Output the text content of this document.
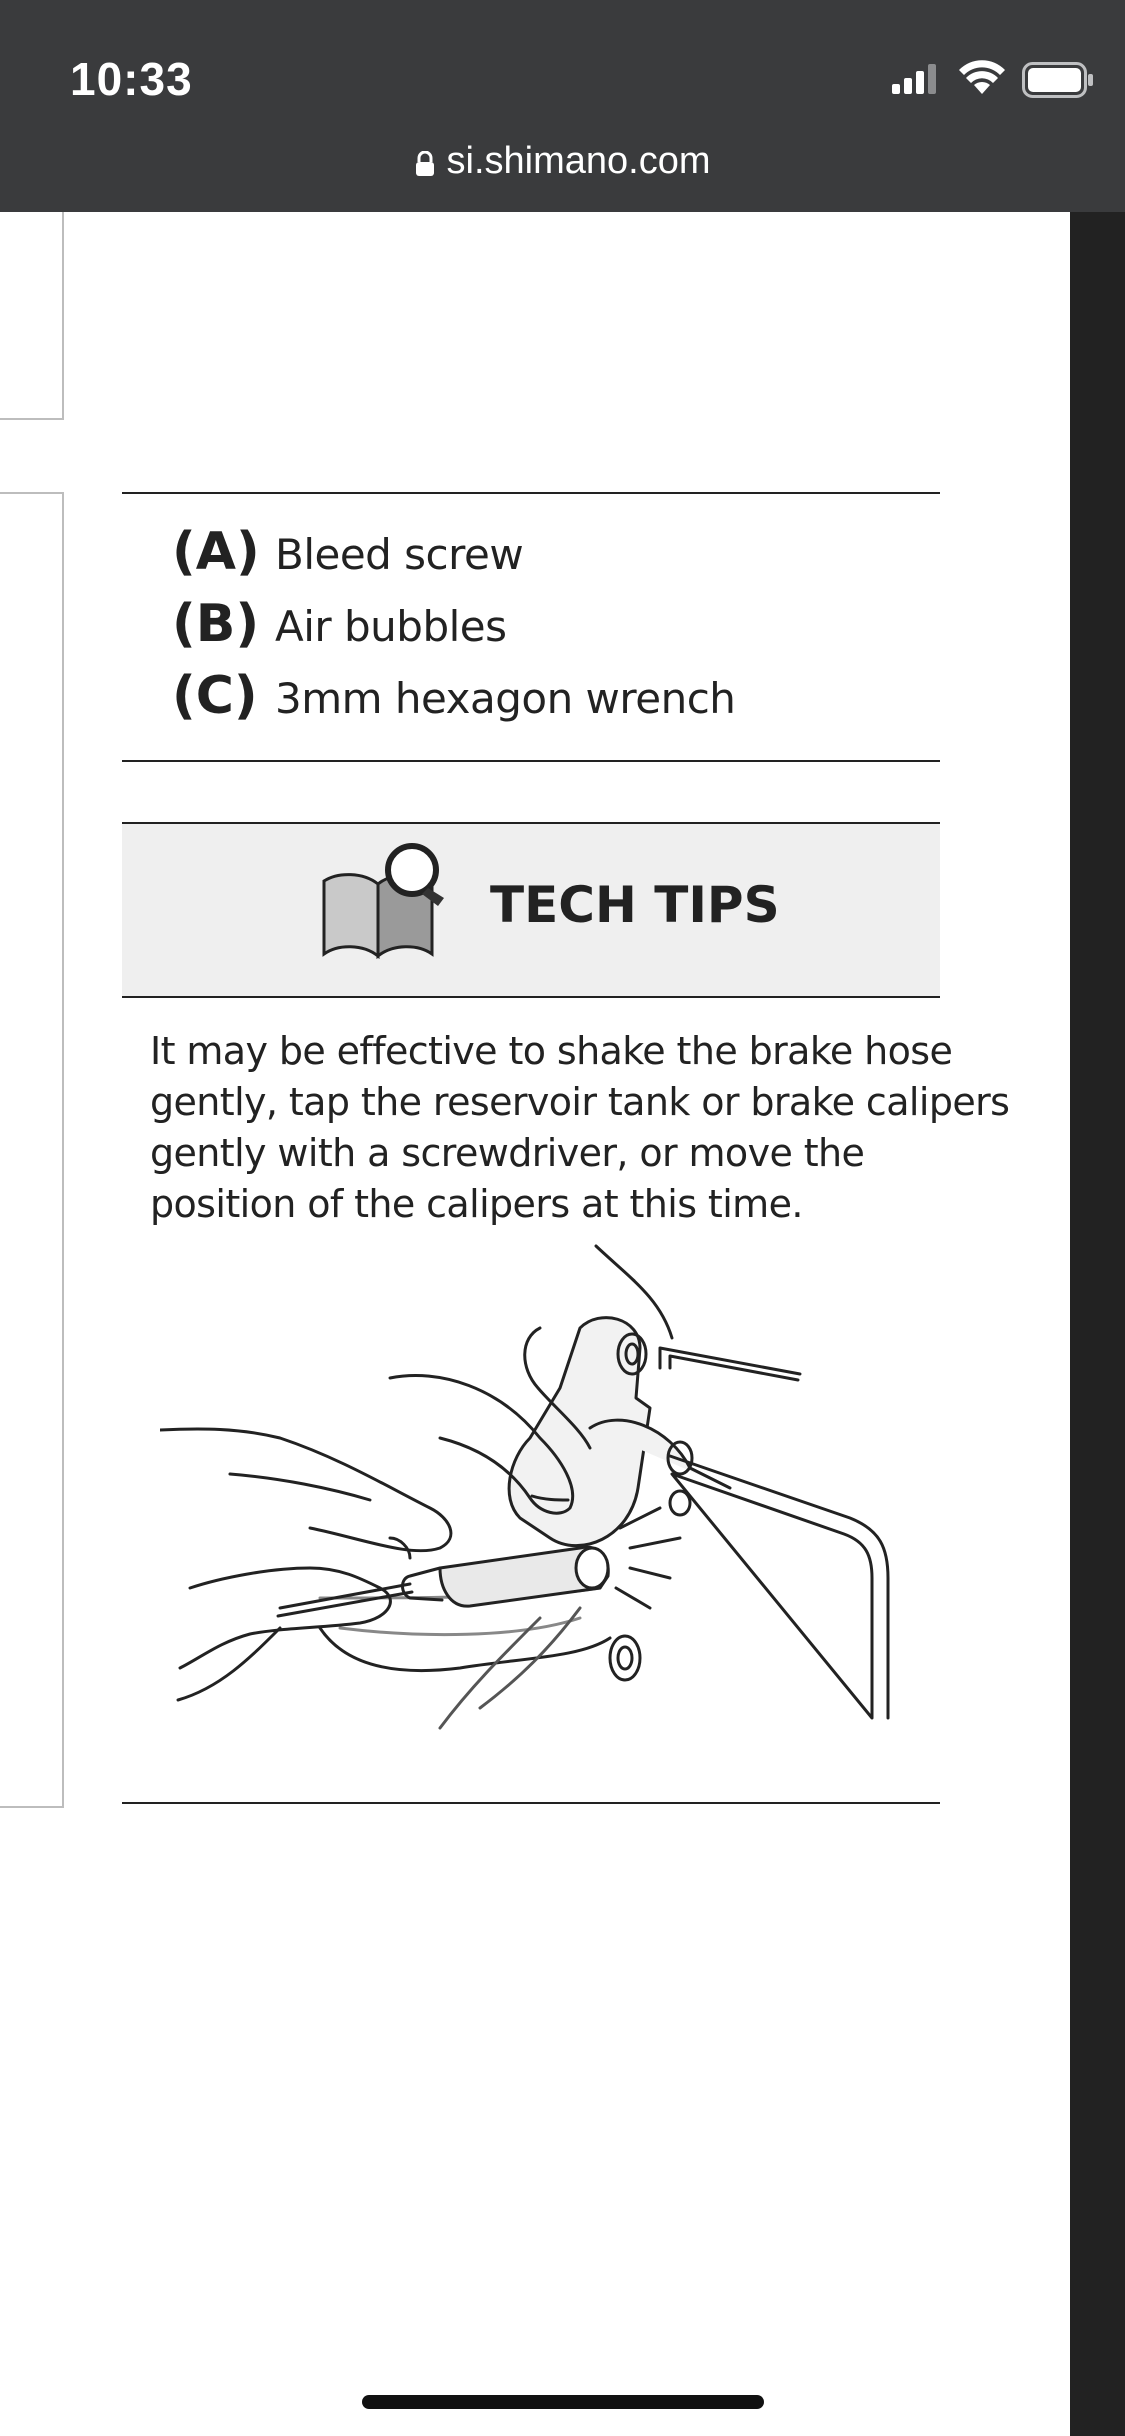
10:33
si.shimano.com
(A) Bleed screw
(B) Air bubbles
(C) 3mm hexagon wrench
TECH TIPS
It may be effective to shake the brake hose
gently, tap the reservoir tank or brake calipers
gently with a screwdriver, or move the
position of the calipers at this time.
